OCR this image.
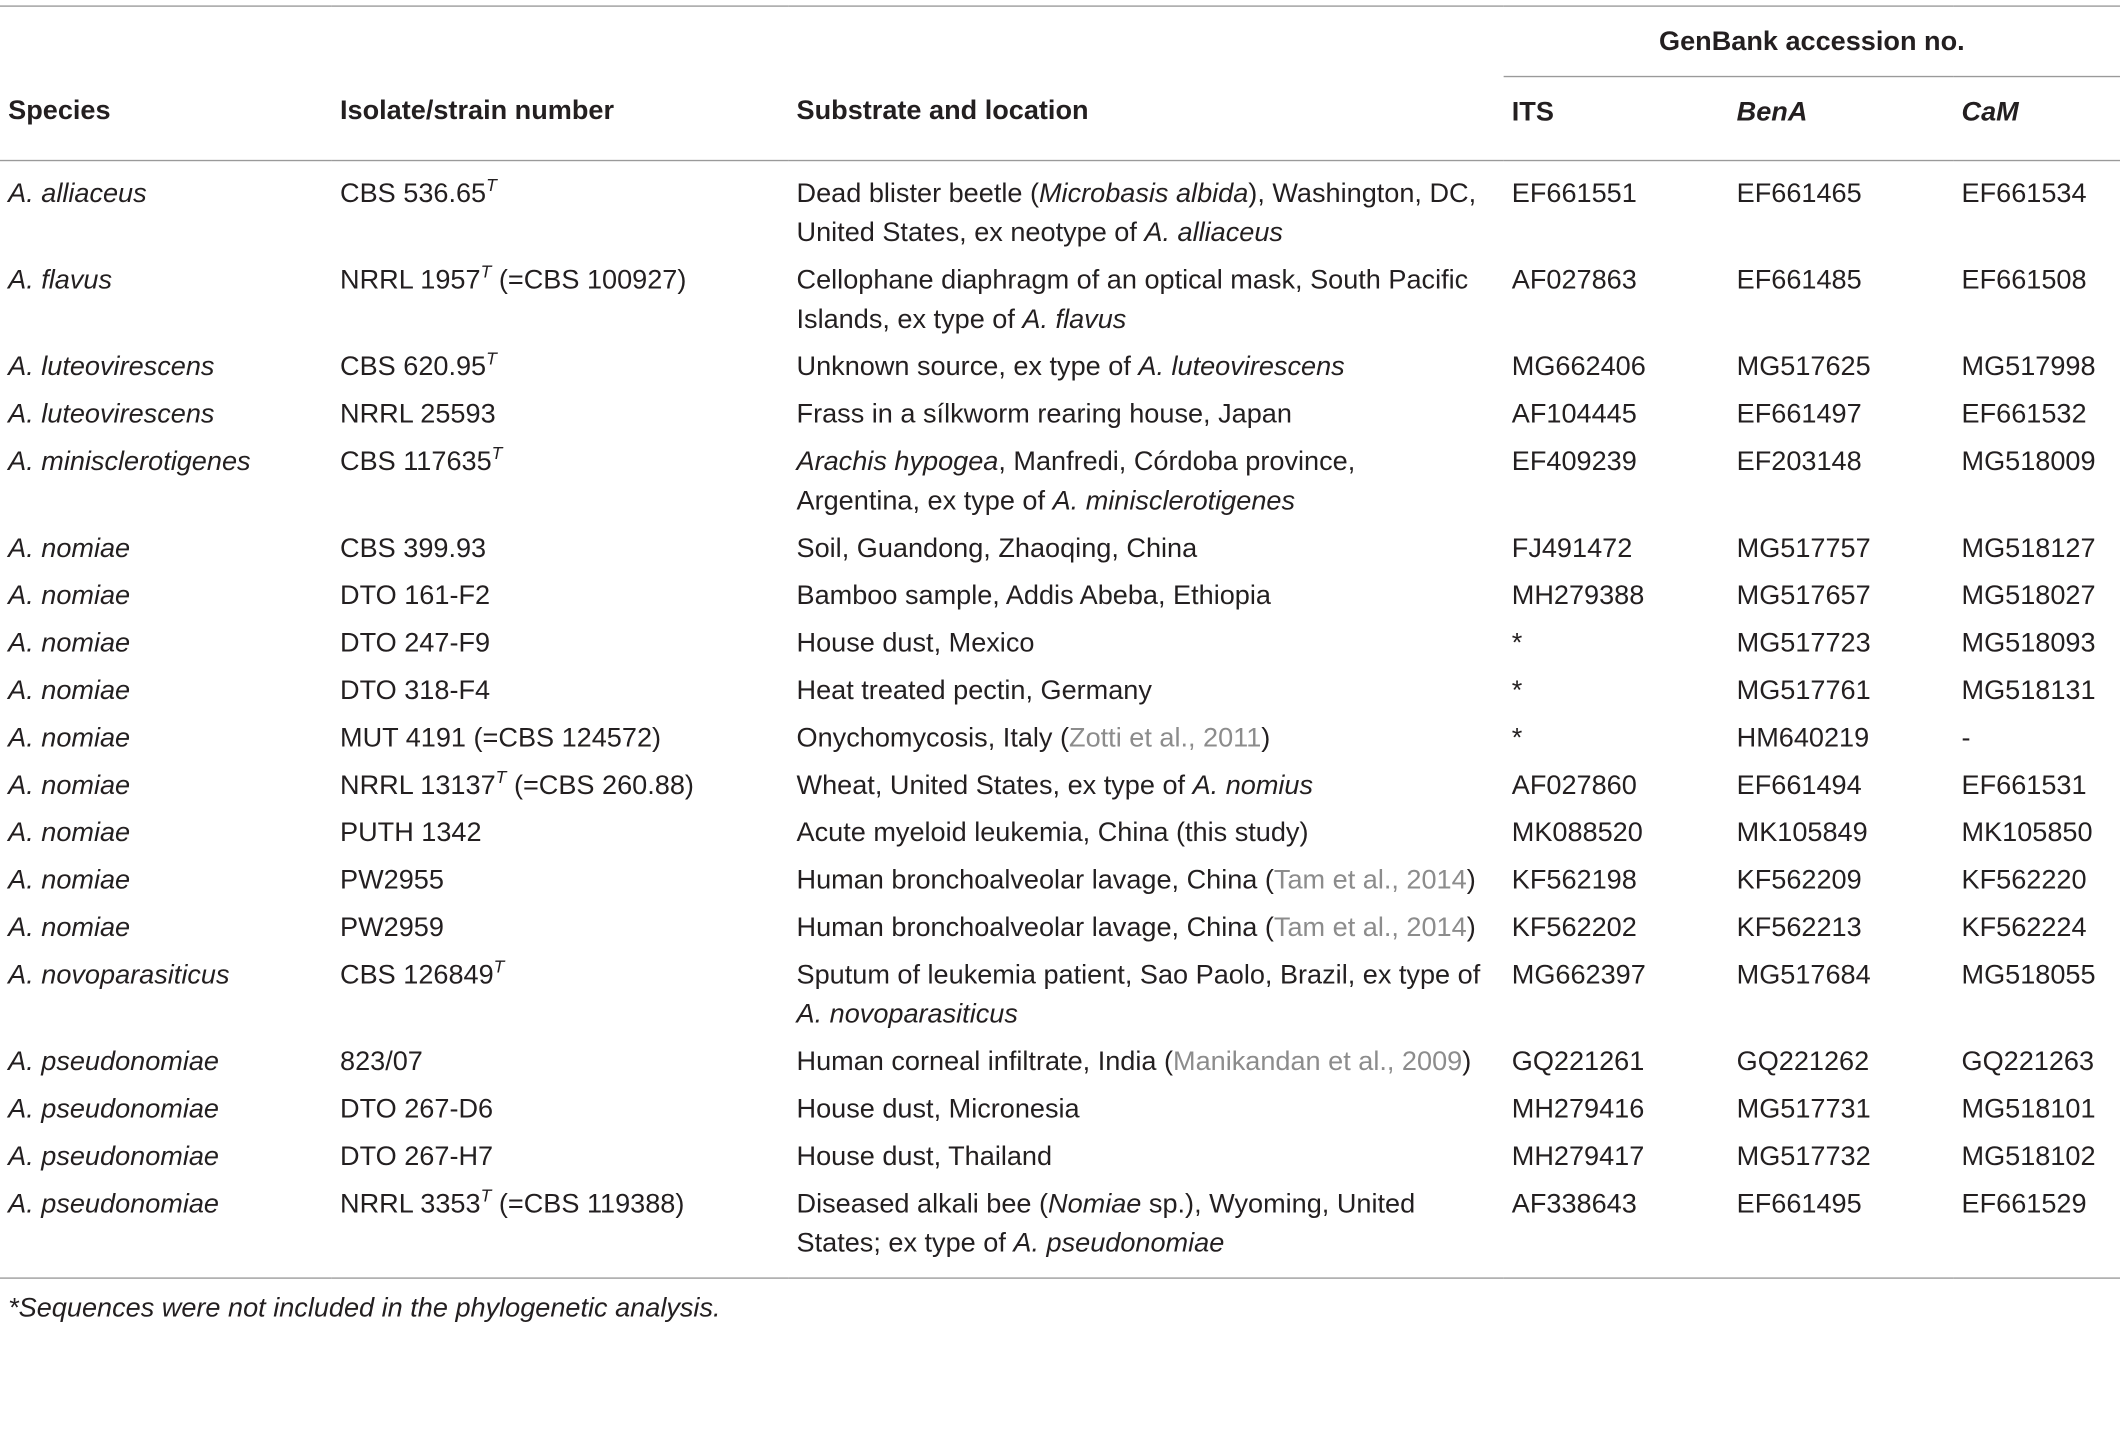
			GenBank accession no.		
Species	Isolate/strain number	Substrate and location	ITS	BenA	CaM
A. alliaceus	CBS $536.65^T$	Dead blister beetle (Microbasis albida), Washington, DC, United States, ex neotype of A. alliaceus	EF661551	EF661465	EF661534
A. flavus	NRRL $1957^T$ (=CBS 100927)	Cellophane diaphragm of an optical mask, South Pacific Islands, ex type of A. flavus	AF027863	EF661485	EF661508
A. luteovirescens	CBS $620.95^T$	Unknown source, ex type of A. luteovirescens	MG662406	MG517625	MG517998
A. luteovirescens	NRRL 25593	Frass in a sílkworm rearing house, Japan	AF104445	EF661497	EF661532
A. minisclerotigenes	CBS $117635^T$	Arachis hypogea, Manfredi, Córdoba province, Argentina, ex type of A. minisclerotigenes	EF409239	EF203148	MG518009
A. nomiae	CBS 399.93	Soil, Guandong, Zhaoqing, China	FJ491472	MG517757	MG518127
A. nomiae	DTO 161-F2	Bamboo sample, Addis Abeba, Ethiopia	MH279388	MG517657	MG518027
A. nomiae	DTO 247-F9	House dust, Mexico	*	MG517723	MG518093
A. nomiae	DTO 318-F4	Heat treated pectin, Germany	*	MG517761	MG518131
A. nomiae	MUT 4191 (=CBS 124572)	Onychomycosis, Italy (Zotti et al., 2011)	*	HM640219	-
A. nomiae	NRRL $13137^T$ (=CBS 260.88)	Wheat, United States, ex type of A. nomius	AF027860	EF661494	EF661531
A. nomiae	PUTH 1342	Acute myeloid leukemia, China (this study)	MK088520	MK105849	MK105850
A. nomiae	PW2955	Human bronchoalveolar lavage, China (Tam et al., 2014)	KF562198	KF562209	KF562220
A. nomiae	PW2959	Human bronchoalveolar lavage, China (Tam et al., 2014)	KF562202	KF562213	KF562224
A. novoparasiticus	CBS $126849^T$	Sputum of leukemia patient, Sao Paolo, Brazil, ex type of A. novoparasiticus	MG662397	MG517684	MG518055
A. pseudonomiae	823/07	Human corneal infiltrate, India (Manikandan et al., 2009)	GQ221261	GQ221262	GQ221263
A. pseudonomiae	DTO 267-D6	House dust, Micronesia	MH279416	MG517731	MG518101
A. pseudonomiae	DTO 267-H7	House dust, Thailand	MH279417	MG517732	MG518102
A. pseudonomiae	NRRL $3353^T$ (=CBS 119388)	Diseased alkali bee (Nomiae sp.), Wyoming, United States; ex type of A. pseudonomiae	AF338643	EF661495	EF661529
*Sequences were not included in the phylogenetic analysis.					
